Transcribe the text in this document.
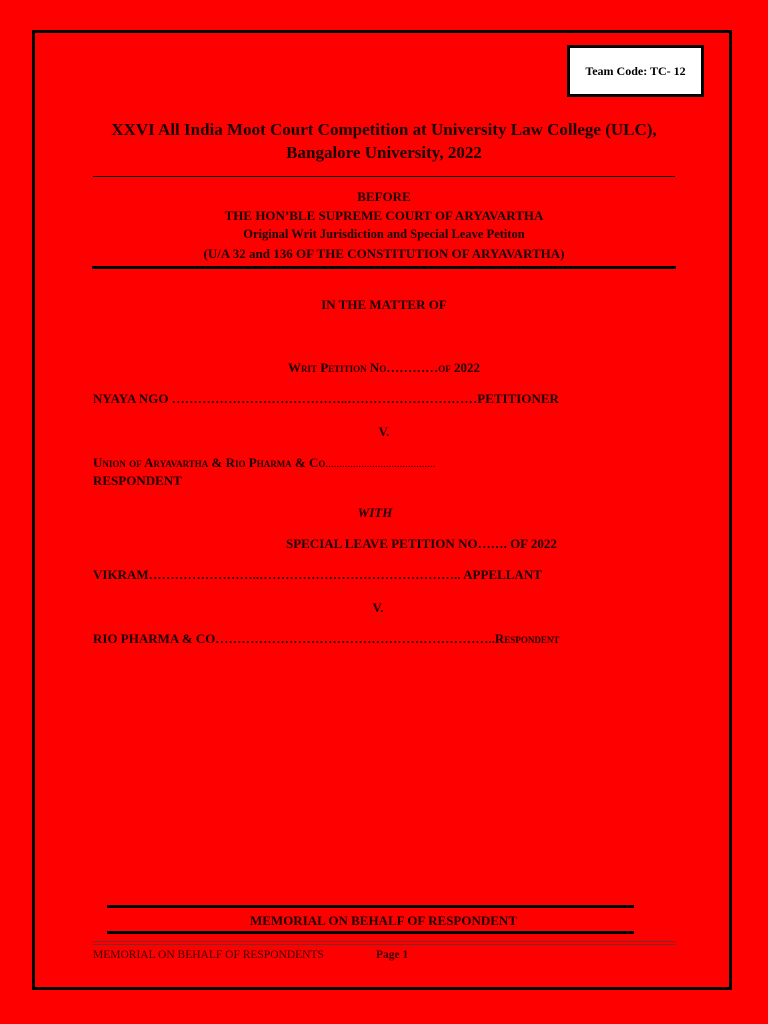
Team Code: TC- 12
XXVI All India Moot Court Competition at University Law College (ULC),
Bangalore University, 2022
BEFORE
THE HON’BLE SUPREME COURT OF ARYAVARTHA
Original Writ Jurisdiction and Special Leave Petiton
(U/A 32 and 136 OF THE CONSTITUTION OF ARYAVARTHA)
IN THE MATTER OF
Writ Petition No…………of 2022
NYAYA NGO …………………………………..…………………………PETITIONER
V.
Union of Aryavartha & Rio Pharma & Co........................................
RESPONDENT
WITH
SPECIAL LEAVE PETITION NO……. OF 2022
VIKRAM……………………..……………………………………….. APPELLANT
V.
RIO PHARMA & CO………………………………………………………..Respondent
MEMORIAL ON BEHALF OF RESPONDENT
MEMORIAL ON BEHALF OF RESPONDENTS	Page 1
